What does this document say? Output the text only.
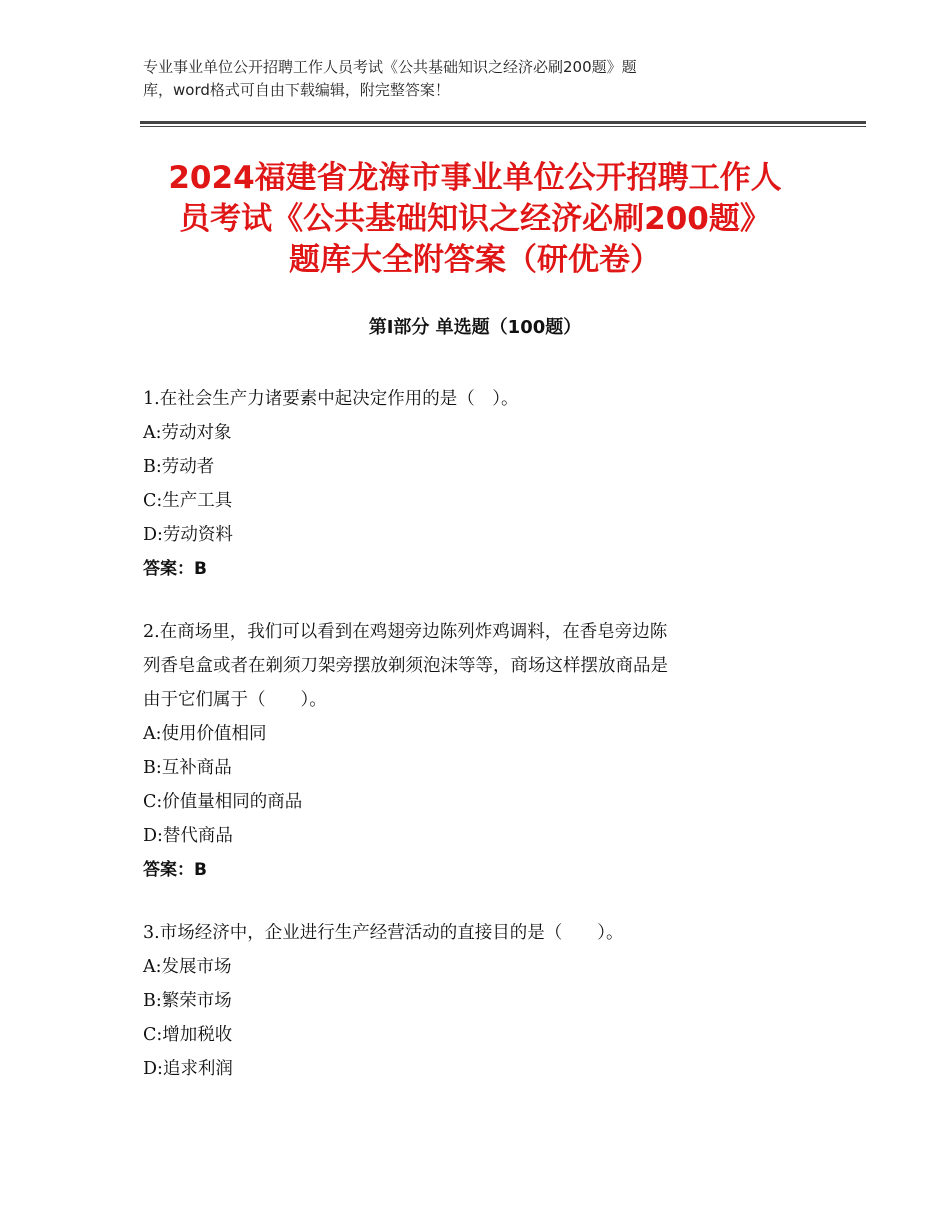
专业事业单位公开招聘工作人员考试《公共基础知识之经济必刷200题》题
库，word格式可自由下载编辑，附完整答案！
2024福建省龙海市事业单位公开招聘工作人
员考试《公共基础知识之经济必刷200题》
题库大全附答案（研优卷）
第Ⅰ部分 单选题（100题）
1.在社会生产力诸要素中起决定作用的是（　）。
A:劳动对象
B:劳动者
C:生产工具
D:劳动资料
答案：B
2.在商场里，我们可以看到在鸡翅旁边陈列炸鸡调料，在香皂旁边陈
列香皂盒或者在剃须刀架旁摆放剃须泡沫等等，商场这样摆放商品是
由于它们属于（　　）。
A:使用价值相同
B:互补商品
C:价值量相同的商品
D:替代商品
答案：B
3.市场经济中，企业进行生产经营活动的直接目的是（　　）。
A:发展市场
B:繁荣市场
C:增加税收
D:追求利润
